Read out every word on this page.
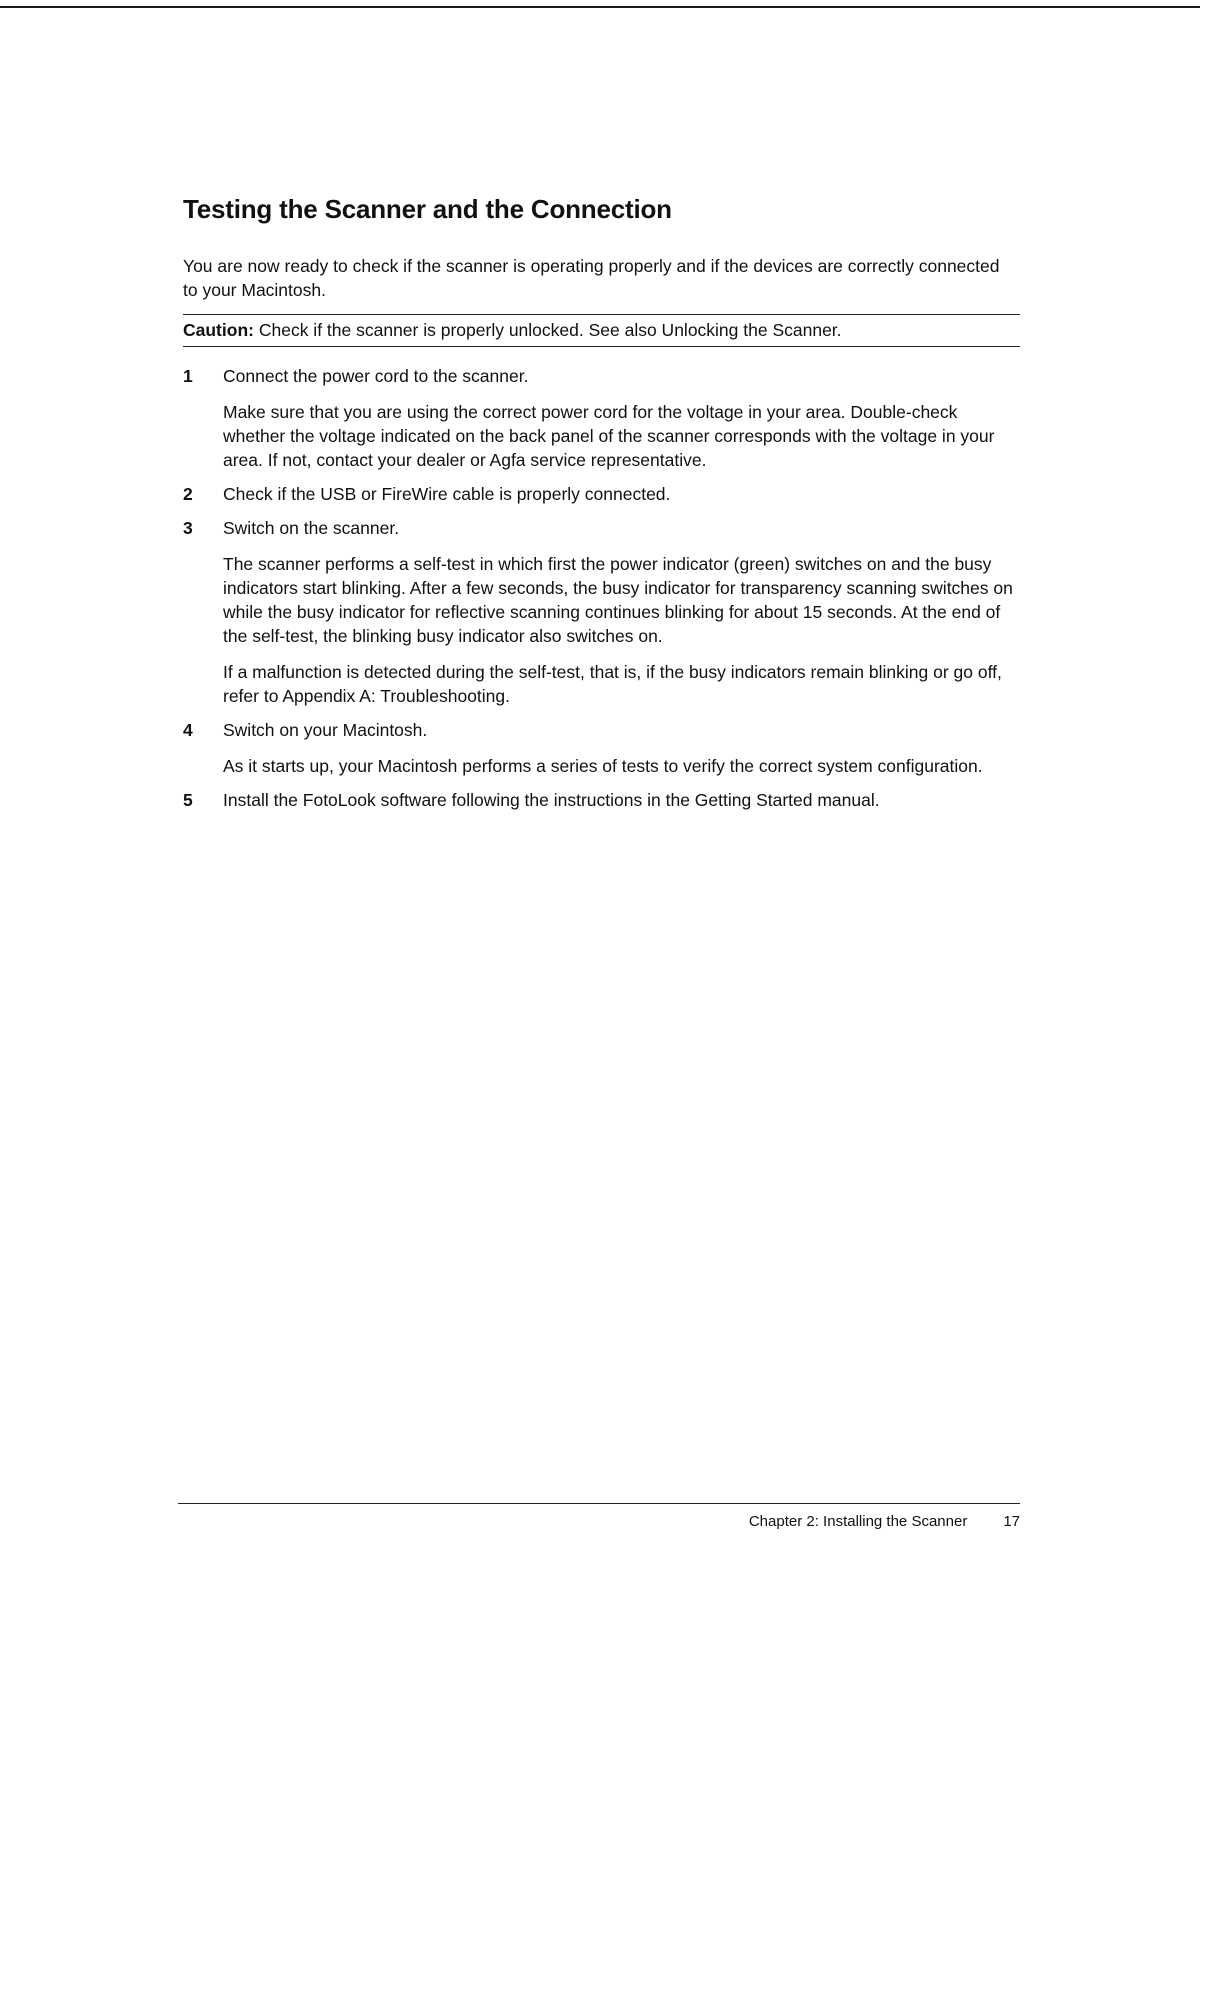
Testing the Scanner and the Connection

You are now ready to check if the scanner is operating properly and if the devices are correctly connected to your Macintosh.

Caution: Check if the scanner is properly unlocked. See also Unlocking the Scanner.

1	Connect the power cord to the scanner.

Make sure that you are using the correct power cord for the voltage in your area. Double-check whether the voltage indicated on the back panel of the scanner corresponds with the voltage in your area. If not, contact your dealer or Agfa service representative.

2	Check if the USB or FireWire cable is properly connected.

3	Switch on the scanner.

The scanner performs a self-test in which first the power indicator (green) switches on and the busy indicators start blinking. After a few seconds, the busy indicator for transparency scanning switches on while the busy indicator for reflective scanning continues blinking for about 15 seconds. At the end of the self-test, the blinking busy indicator also switches on.

If a malfunction is detected during the self-test, that is, if the busy indicators remain blinking or go off, refer to Appendix A: Troubleshooting.

4	Switch on your Macintosh.

As it starts up, your Macintosh performs a series of tests to verify the correct system configuration.

5	Install the FotoLook software following the instructions in the Getting Started manual.

Chapter 2: Installing the Scanner 17
